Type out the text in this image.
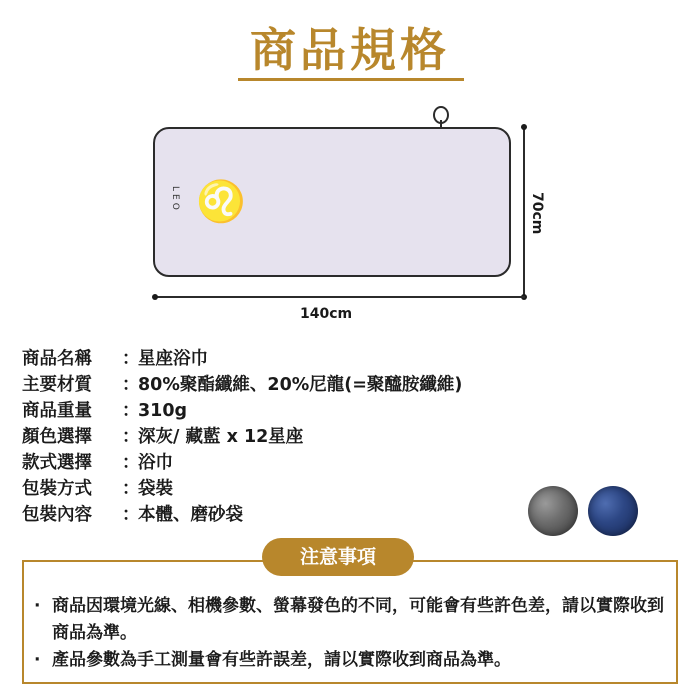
商品規格
LEO ♌	70cm
140cm
商品名稱	：
星座浴巾
主要材質	：
80%聚酯纖維、20%尼龍(=聚醯胺纖維)
商品重量	：
310g
顏色選擇	：
深灰/ 藏藍 x 12星座
款式選擇	：
浴巾
包裝方式	：
袋裝
包裝內容	：
本體、磨砂袋
注意事項
· 商品因環境光線、相機參數、螢幕發色的不同，可能會有些許色差，請以實際收到商品為準。
· 產品參數為手工測量會有些許誤差，請以實際收到商品為準。
